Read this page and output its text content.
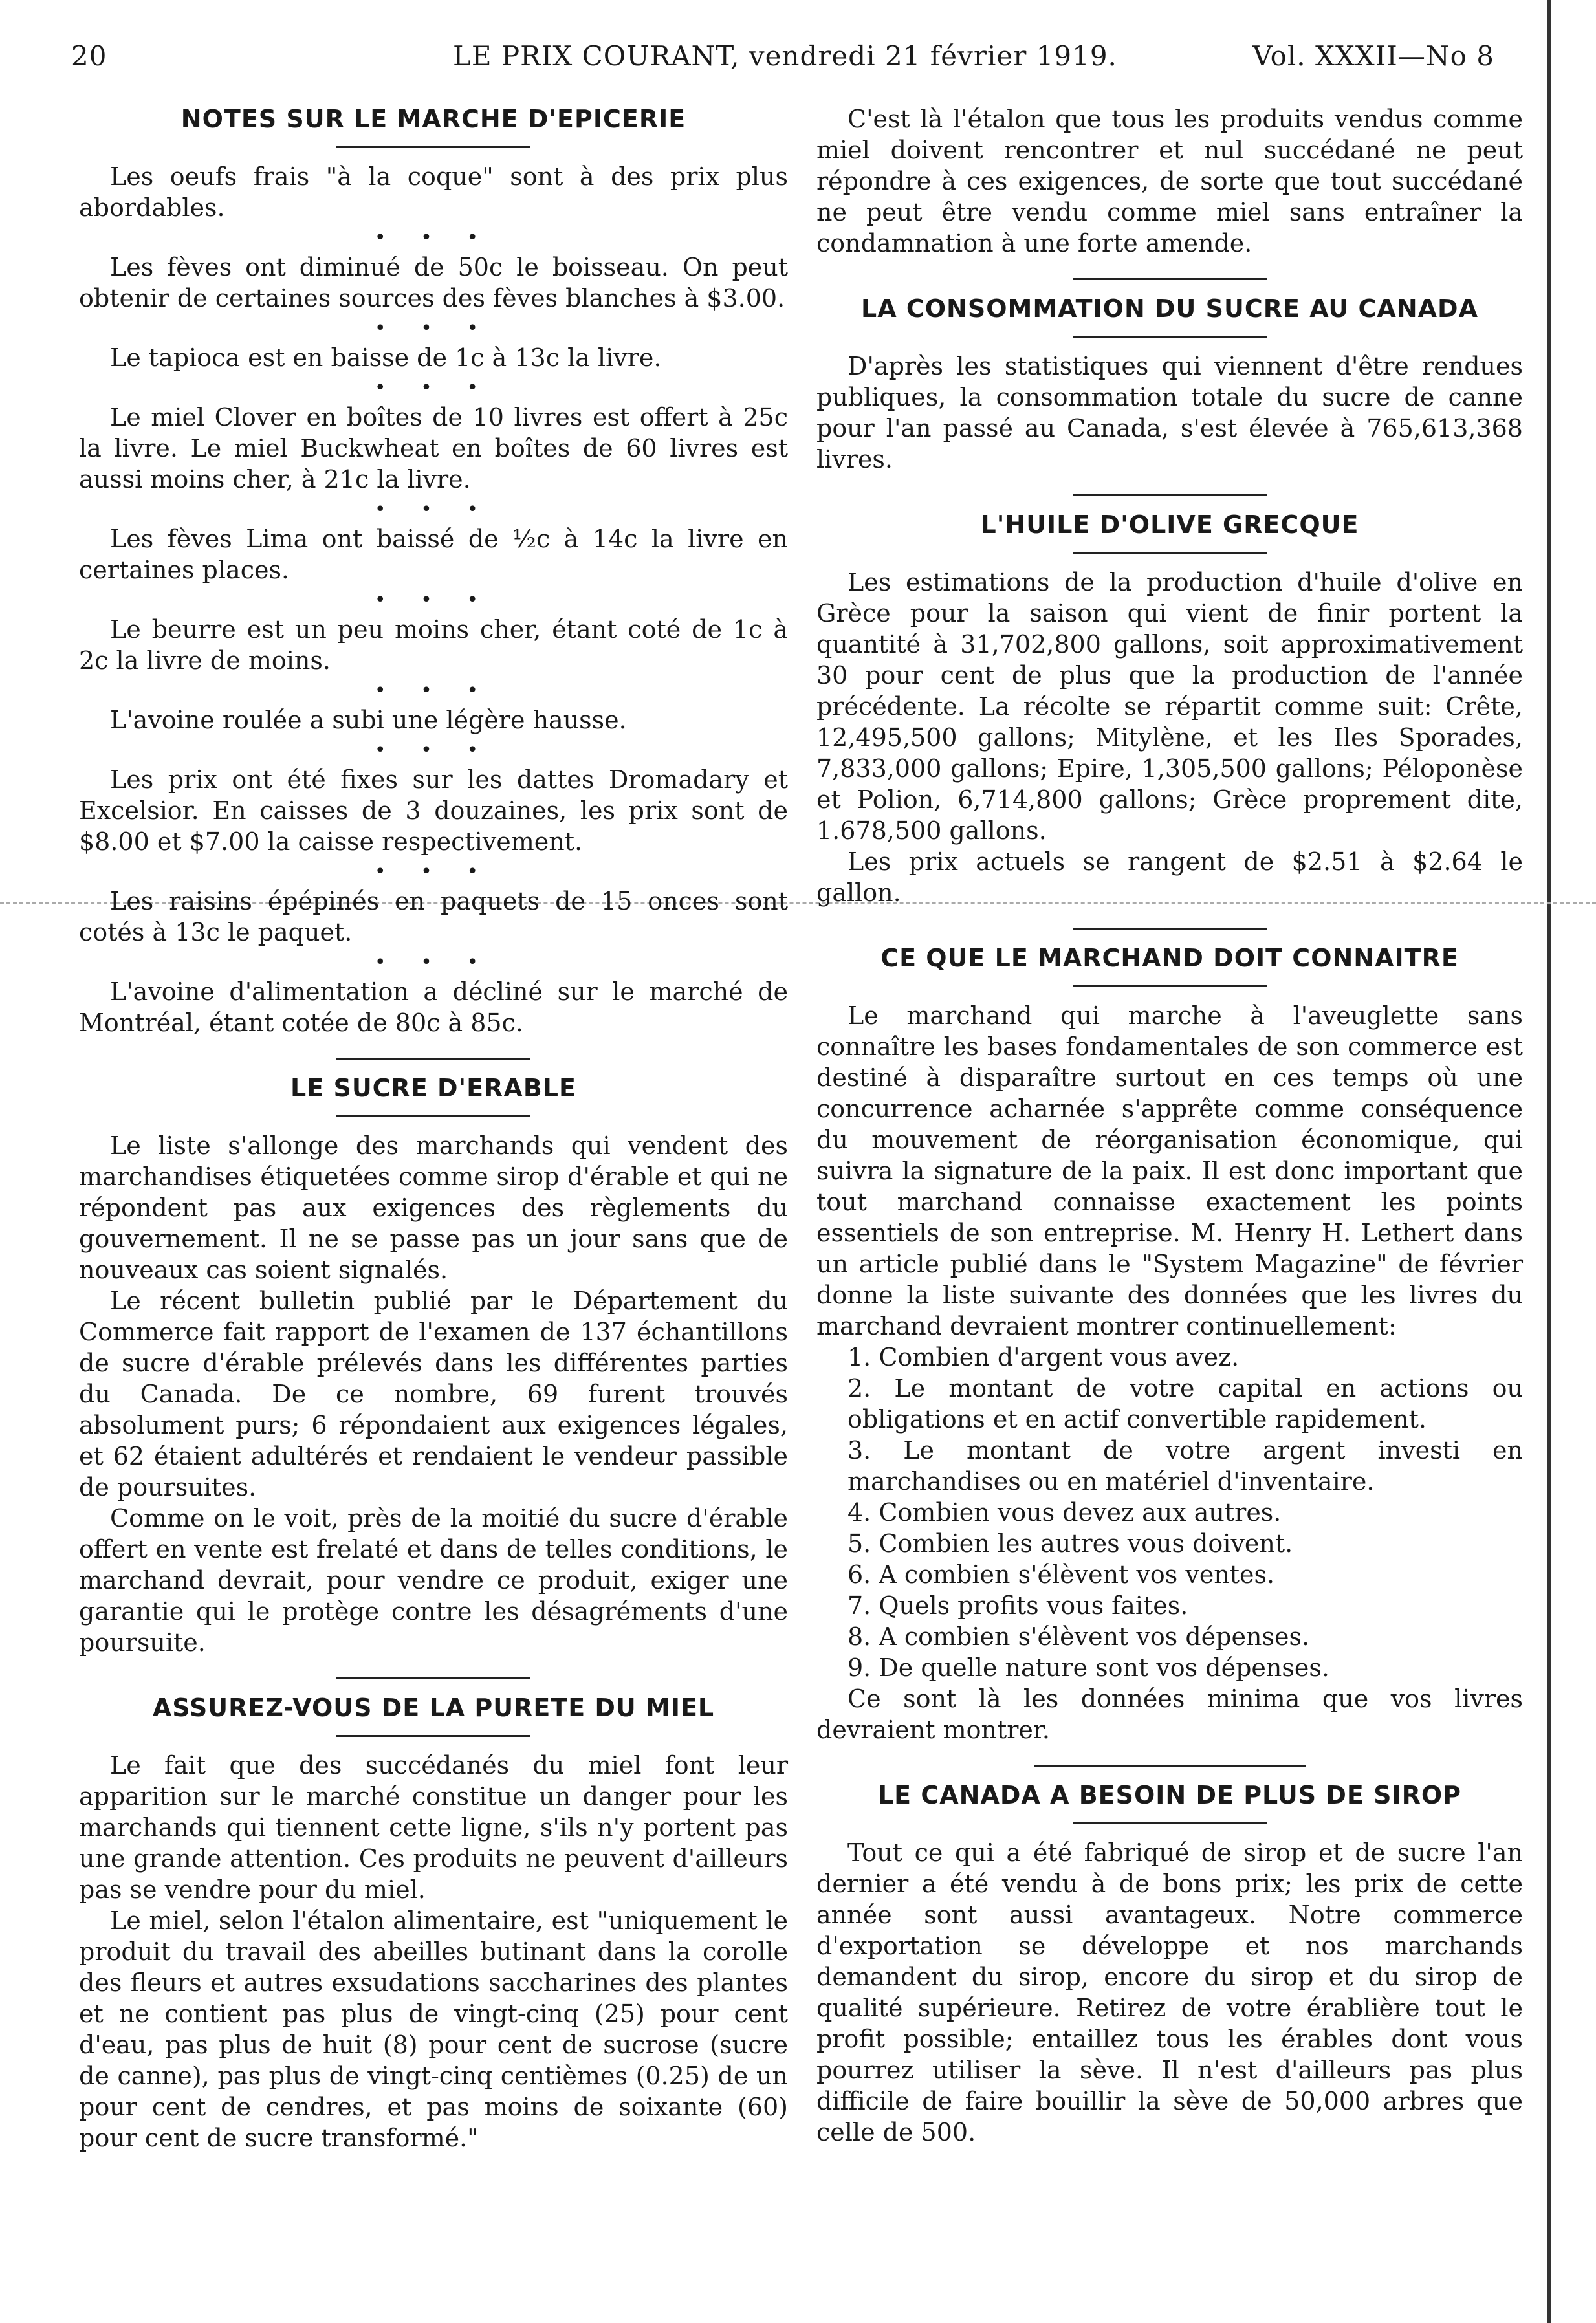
20	LE PRIX COURANT, vendredi 21 février 1919.	Vol. XXXII—No 8
NOTES SUR LE MARCHE D'EPICERIE

Les oeufs frais "à la coque" sont à des prix plus abordables.

• • •

Les fèves ont diminué de 50c le boisseau. On peut obtenir de certaines sources des fèves blanches à $3.00.

• • •

Le tapioca est en baisse de 1c à 13c la livre.

• • •

Le miel Clover en boîtes de 10 livres est offert à 25c la livre. Le miel Buckwheat en boîtes de 60 livres est aussi moins cher, à 21c la livre.

• • •

Les fèves Lima ont baissé de ½c à 14c la livre en certaines places.

• • •

Le beurre est un peu moins cher, étant coté de 1c à 2c la livre de moins.

• • •

L'avoine roulée a subi une légère hausse.

• • •

Les prix ont été fixes sur les dattes Dromadary et Excelsior. En caisses de 3 douzaines, les prix sont de $8.00 et $7.00 la caisse respectivement.

• • •

Les raisins épépinés en paquets de 15 onces sont cotés à 13c le paquet.

• • •

L'avoine d'alimentation a décliné sur le marché de Montréal, étant cotée de 80c à 85c.

LE SUCRE D'ERABLE

Le liste s'allonge des marchands qui vendent des marchandises étiquetées comme sirop d'érable et qui ne répondent pas aux exigences des règlements du gouvernement. Il ne se passe pas un jour sans que de nouveaux cas soient signalés.

Le récent bulletin publié par le Département du Commerce fait rapport de l'examen de 137 échantillons de sucre d'érable prélevés dans les différentes parties du Canada. De ce nombre, 69 furent trouvés absolument purs; 6 répondaient aux exigences légales, et 62 étaient adultérés et rendaient le vendeur passible de poursuites.

Comme on le voit, près de la moitié du sucre d'érable offert en vente est frelaté et dans de telles conditions, le marchand devrait, pour vendre ce produit, exiger une garantie qui le protège contre les désagréments d'une poursuite.

ASSUREZ-VOUS DE LA PURETE DU MIEL

Le fait que des succédanés du miel font leur apparition sur le marché constitue un danger pour les marchands qui tiennent cette ligne, s'ils n'y portent pas une grande attention. Ces produits ne peuvent d'ailleurs pas se vendre pour du miel.

Le miel, selon l'étalon alimentaire, est "uniquement le produit du travail des abeilles butinant dans la corolle des fleurs et autres exsudations saccharines des plantes et ne contient pas plus de vingt-cinq (25) pour cent d'eau, pas plus de huit (8) pour cent de sucrose (sucre de canne), pas plus de vingt-cinq centièmes (0.25) de un pour cent de cendres, et pas moins de soixante (60) pour cent de sucre transformé."

C'est là l'étalon que tous les produits vendus comme miel doivent rencontrer et nul succédané ne peut répondre à ces exigences, de sorte que tout succédané ne peut être vendu comme miel sans entraîner la condamnation à une forte amende.

LA CONSOMMATION DU SUCRE AU CANADA

D'après les statistiques qui viennent d'être rendues publiques, la consommation totale du sucre de canne pour l'an passé au Canada, s'est élevée à 765,613,368 livres.

L'HUILE D'OLIVE GRECQUE

Les estimations de la production d'huile d'olive en Grèce pour la saison qui vient de finir portent la quantité à 31,702,800 gallons, soit approximativement 30 pour cent de plus que la production de l'année précédente. La récolte se répartit comme suit: Crête, 12,495,500 gallons; Mitylène, et les Iles Sporades, 7,833,000 gallons; Epire, 1,305,500 gallons; Péloponèse et Polion, 6,714,800 gallons; Grèce proprement dite, 1.678,500 gallons.

Les prix actuels se rangent de $2.51 à $2.64 le gallon.

CE QUE LE MARCHAND DOIT CONNAITRE

Le marchand qui marche à l'aveuglette sans connaître les bases fondamentales de son commerce est destiné à disparaître surtout en ces temps où une concurrence acharnée s'apprête comme conséquence du mouvement de réorganisation économique, qui suivra la signature de la paix. Il est donc important que tout marchand connaisse exactement les points essentiels de son entreprise. M. Henry H. Lethert dans un article publié dans le "System Magazine" de février donne la liste suivante des données que les livres du marchand devraient montrer continuellement:

1. Combien d'argent vous avez.
2. Le montant de votre capital en actions ou obligations et en actif convertible rapidement.
3. Le montant de votre argent investi en marchandises ou en matériel d'inventaire.
4. Combien vous devez aux autres.
5. Combien les autres vous doivent.
6. A combien s'élèvent vos ventes.
7. Quels profits vous faites.
8. A combien s'élèvent vos dépenses.
9. De quelle nature sont vos dépenses.

Ce sont là les données minima que vos livres devraient montrer.

LE CANADA A BESOIN DE PLUS DE SIROP

Tout ce qui a été fabriqué de sirop et de sucre l'an dernier a été vendu à de bons prix; les prix de cette année sont aussi avantageux. Notre commerce d'exportation se développe et nos marchands demandent du sirop, encore du sirop et du sirop de qualité supérieure. Retirez de votre érablière tout le profit possible; entaillez tous les érables dont vous pourrez utiliser la sève. Il n'est d'ailleurs pas plus difficile de faire bouillir la sève de 50,000 arbres que celle de 500.
